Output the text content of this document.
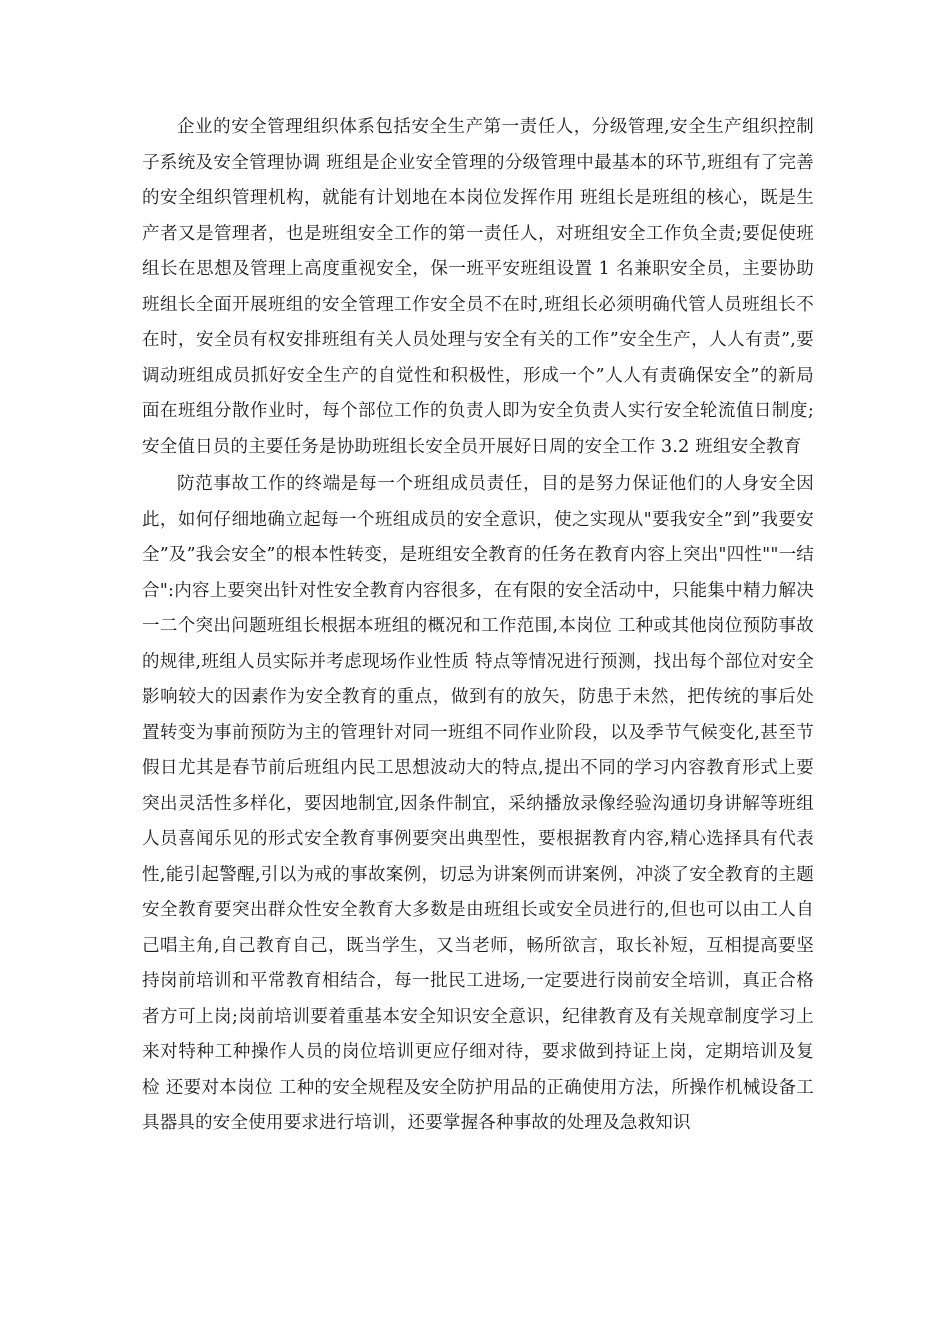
企业的安全管理组织体系包括安全生产第一责任人，分级管理,安全生产组织控制子系统及安全管理协调 班组是企业安全管理的分级管理中最基本的环节,班组有了完善的安全组织管理机构，就能有计划地在本岗位发挥作用 班组长是班组的核心，既是生产者又是管理者，也是班组安全工作的第一责任人，对班组安全工作负全责;要促使班组长在思想及管理上高度重视安全，保一班平安班组设置 1 名兼职安全员，主要协助班组长全面开展班组的安全管理工作安全员不在时,班组长必须明确代管人员班组长不在时，安全员有权安排班组有关人员处理与安全有关的工作”安全生产，人人有责”,要调动班组成员抓好安全生产的自觉性和积极性，形成一个”人人有责确保安全”的新局面在班组分散作业时，每个部位工作的负责人即为安全负责人实行安全轮流值日制度;安全值日员的主要任务是协助班组长安全员开展好日周的安全工作 3.2 班组安全教育

防范事故工作的终端是每一个班组成员责任，目的是努力保证他们的人身安全因此，如何仔细地确立起每一个班组成员的安全意识，使之实现从"要我安全”到”我要安全”及”我会安全”的根本性转变，是班组安全教育的任务在教育内容上突出"四性""一结合":内容上要突出针对性安全教育内容很多，在有限的安全活动中，只能集中精力解决一二个突出问题班组长根据本班组的概况和工作范围,本岗位 工种或其他岗位预防事故的规律,班组人员实际并考虑现场作业性质 特点等情况进行预测，找出每个部位对安全影响较大的因素作为安全教育的重点，做到有的放矢，防患于未然，把传统的事后处置转变为事前预防为主的管理针对同一班组不同作业阶段，以及季节气候变化,甚至节假日尤其是春节前后班组内民工思想波动大的特点,提出不同的学习内容教育形式上要突出灵活性多样化，要因地制宜,因条件制宜，采纳播放录像经验沟通切身讲解等班组人员喜闻乐见的形式安全教育事例要突出典型性，要根据教育内容,精心选择具有代表性,能引起警醒,引以为戒的事故案例，切忌为讲案例而讲案例，冲淡了安全教育的主题 安全教育要突出群众性安全教育大多数是由班组长或安全员进行的,但也可以由工人自己唱主角,自己教育自己，既当学生，又当老师，畅所欲言，取长补短，互相提高要坚持岗前培训和平常教育相结合，每一批民工进场,一定要进行岗前安全培训，真正合格者方可上岗;岗前培训要着重基本安全知识安全意识，纪律教育及有关规章制度学习上来对特种工种操作人员的岗位培训更应仔细对待，要求做到持证上岗，定期培训及复检 还要对本岗位 工种的安全规程及安全防护用品的正确使用方法，所操作机械设备工具器具的安全使用要求进行培训，还要掌握各种事故的处理及急救知识
